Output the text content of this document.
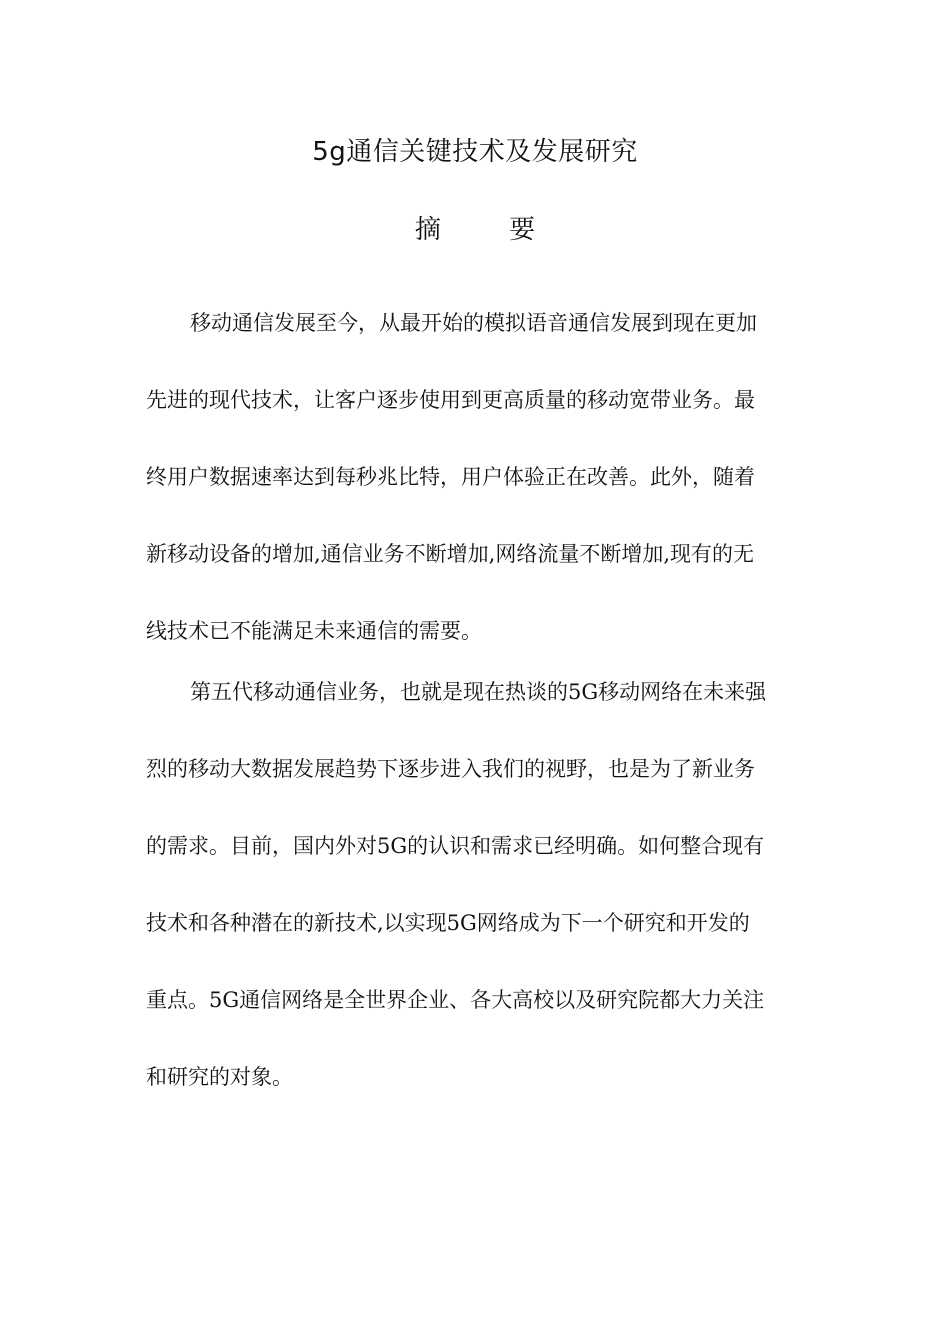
5g通信关键技术及发展研究
摘 要
移动通信发展至今，从最开始的模拟语音通信发展到现在更加
先进的现代技术，让客户逐步使用到更高质量的移动宽带业务。最
终用户数据速率达到每秒兆比特，用户体验正在改善。此外，随着
新移动设备的增加,通信业务不断增加,网络流量不断增加,现有的无
线技术已不能满足未来通信的需要。
第五代移动通信业务，也就是现在热谈的5G移动网络在未来强
烈的移动大数据发展趋势下逐步进入我们的视野，也是为了新业务
的需求。目前，国内外对5G的认识和需求已经明确。如何整合现有
技术和各种潜在的新技术,以实现5G网络成为下一个研究和开发的
重点。5G通信网络是全世界企业、各大高校以及研究院都大力关注
和研究的对象。
